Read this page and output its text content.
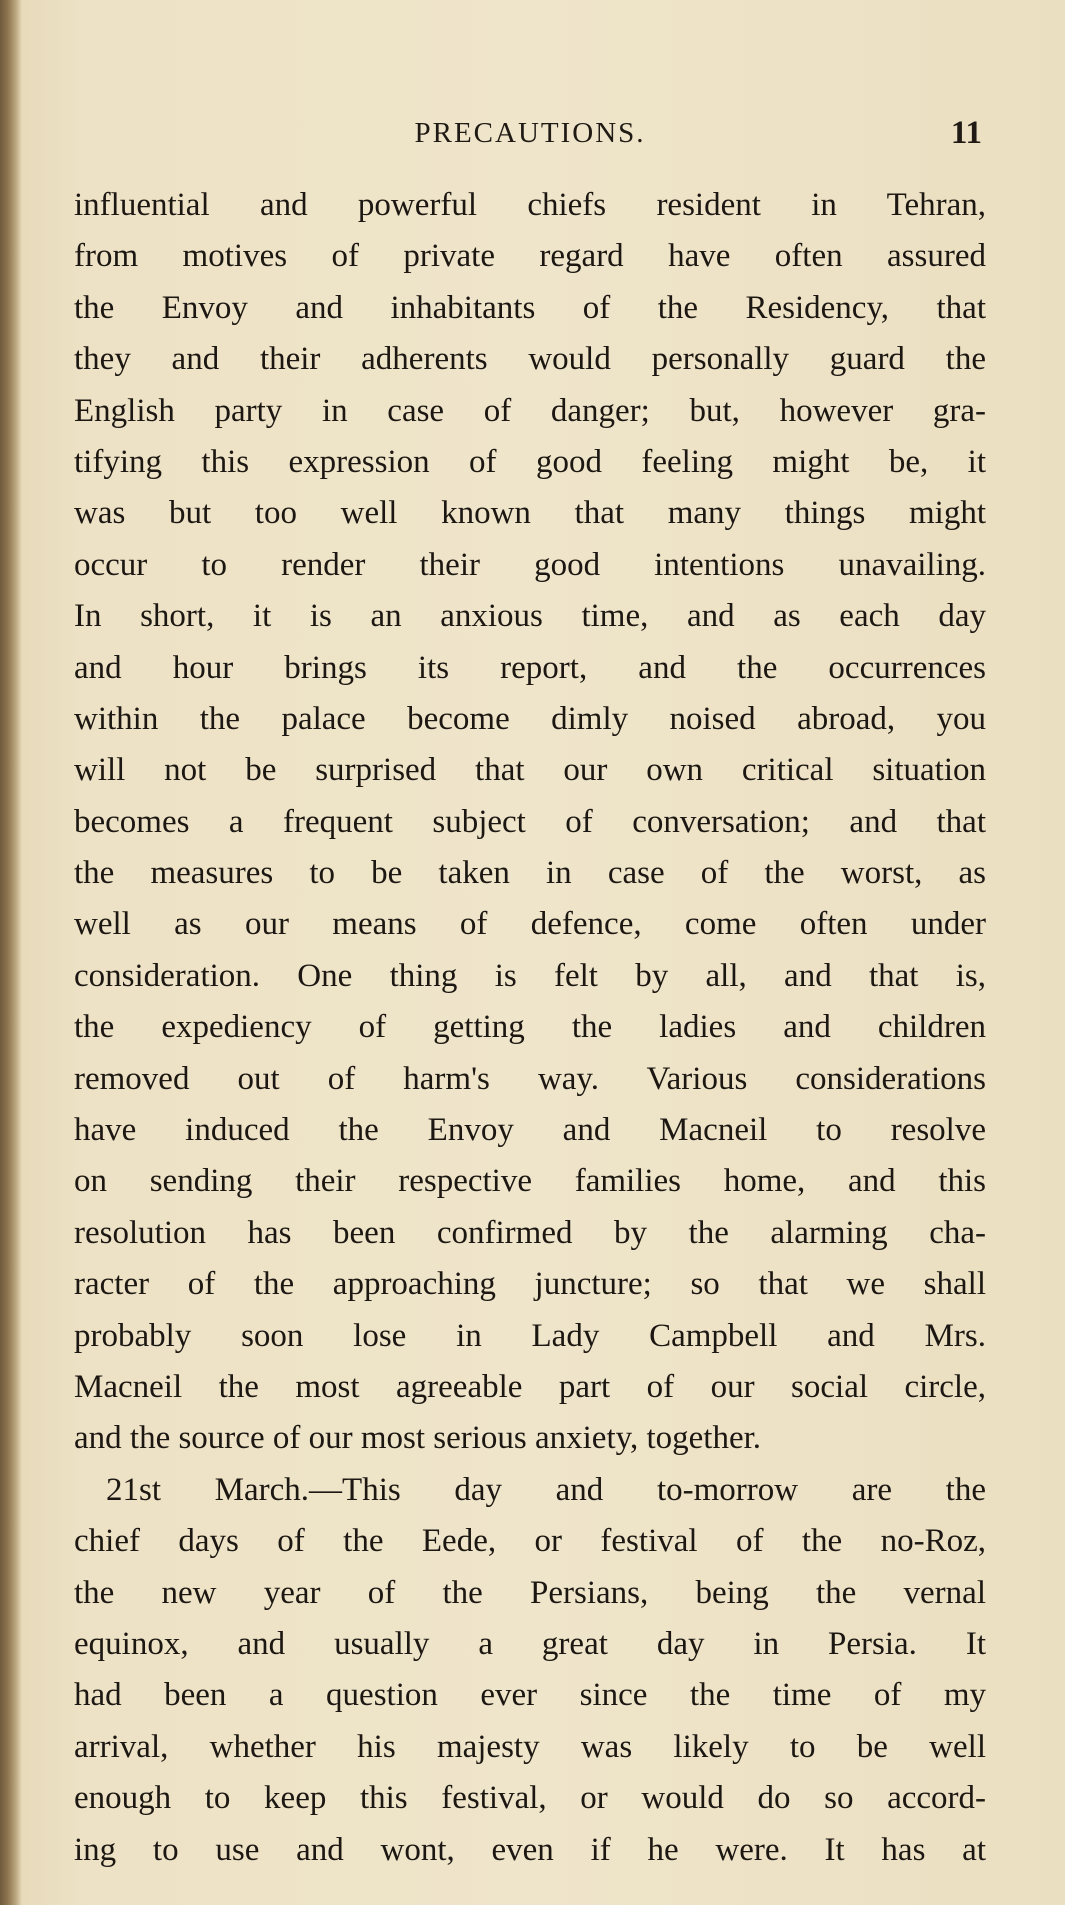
PRECAUTIONS.	11
influential and powerful chiefs resident in Tehran,
from motives of private regard have often assured
the Envoy and inhabitants of the Residency, that
they and their adherents would personally guard the
English party in case of danger; but, however gra-
tifying this expression of good feeling might be, it
was but too well known that many things might
occur to render their good intentions unavailing.
In short, it is an anxious time, and as each day
and hour brings its report, and the occurrences
within the palace become dimly noised abroad, you
will not be surprised that our own critical situation
becomes a frequent subject of conversation; and that
the measures to be taken in case of the worst, as
well as our means of defence, come often under
consideration. One thing is felt by all, and that is,
the expediency of getting the ladies and children
removed out of harm's way. Various considerations
have induced the Envoy and Macneil to resolve
on sending their respective families home, and this
resolution has been confirmed by the alarming cha-
racter of the approaching juncture; so that we shall
probably soon lose in Lady Campbell and Mrs.
Macneil the most agreeable part of our social circle,
and the source of our most serious anxiety, together.
21st March.—This day and to-morrow are the
chief days of the Eede, or festival of the no-Roz,
the new year of the Persians, being the vernal
equinox, and usually a great day in Persia. It
had been a question ever since the time of my
arrival, whether his majesty was likely to be well
enough to keep this festival, or would do so accord-
ing to use and wont, even if he were. It has at
